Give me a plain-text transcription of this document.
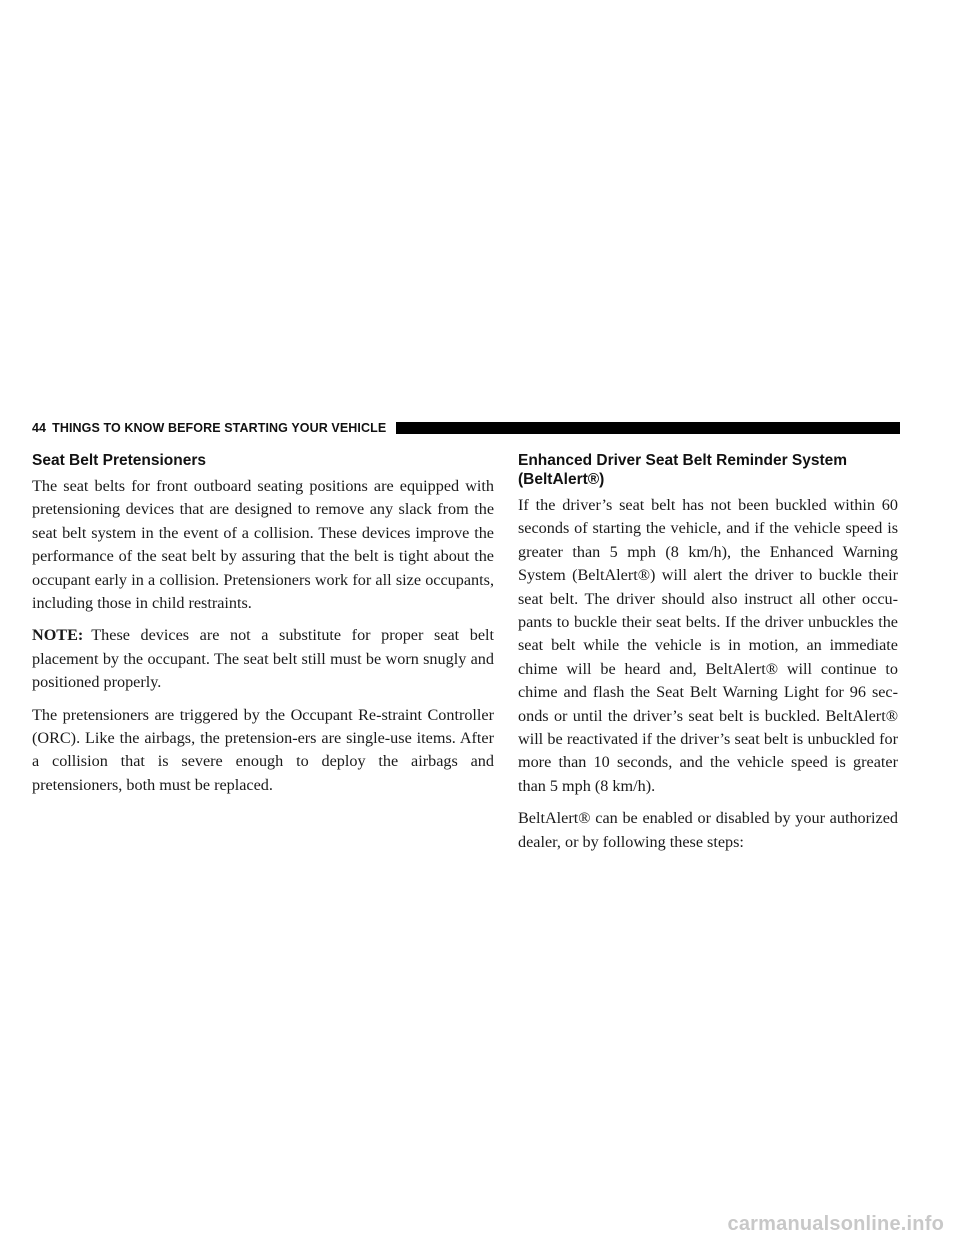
44 THINGS TO KNOW BEFORE STARTING YOUR VEHICLE
Seat Belt Pretensioners

The seat belts for front outboard seating positions are equipped with pretensioning devices that are designed to remove any slack from the seat belt system in the event of a collision. These devices improve the performance of the seat belt by assuring that the belt is tight about the occupant early in a collision. Pretensioners work for all size occupants, including those in child restraints.

NOTE: These devices are not a substitute for proper seat belt placement by the occupant. The seat belt still must be worn snugly and positioned properly.

The pretensioners are triggered by the Occupant Re-straint Controller (ORC). Like the airbags, the pretension-ers are single-use items. After a collision that is severe enough to deploy the airbags and pretensioners, both must be replaced.

Enhanced Driver Seat Belt Reminder System (BeltAlert®)

If the driver’s seat belt has not been buckled within 60 seconds of starting the vehicle, and if the vehicle speed is greater than 5 mph (8 km/h), the Enhanced Warning System (BeltAlert®) will alert the driver to buckle their seat belt. The driver should also instruct all other occu-pants to buckle their seat belts. If the driver unbuckles the seat belt while the vehicle is in motion, an immediate chime will be heard and, BeltAlert® will continue to chime and flash the Seat Belt Warning Light for 96 sec-onds or until the driver’s seat belt is buckled. BeltAlert® will be reactivated if the driver’s seat belt is unbuckled for more than 10 seconds, and the vehicle speed is greater than 5 mph (8 km/h).

BeltAlert® can be enabled or disabled by your authorized dealer, or by following these steps:

carmanualsonline.info
